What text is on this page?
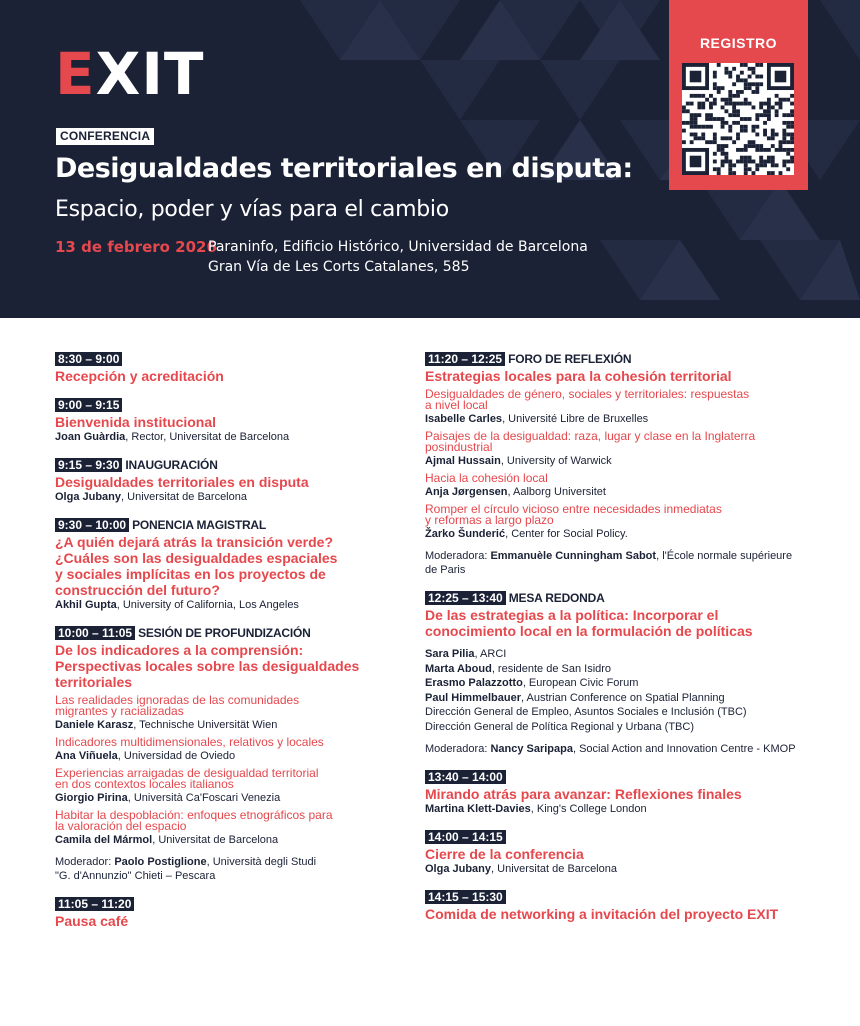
EXIT
CONFERENCIA
Desigualdades territoriales en disputa:
Espacio, poder y vías para el cambio
13 de febrero 2026
Paraninfo, Edificio Histórico, Universidad de Barcelona
Gran Vía de Les Corts Catalanes, 585
REGISTRO
8:30 – 9:00
Recepción y acreditación
9:00 – 9:15
Bienvenida institucional
Joan Guàrdia, Rector, Universitat de Barcelona
9:15 – 9:30 INAUGURACIÓN
Desigualdades territoriales en disputa
Olga Jubany, Universitat de Barcelona
9:30 – 10:00 PONENCIA MAGISTRAL
¿A quién dejará atrás la transición verde?
¿Cuáles son las desigualdades espaciales
y sociales implícitas en los proyectos de
construcción del futuro?
Akhil Gupta, University of California, Los Angeles
10:00 – 11:05 SESIÓN DE PROFUNDIZACIÓN
De los indicadores a la comprensión:
Perspectivas locales sobre las desigualdades
territoriales
Las realidades ignoradas de las comunidades
migrantes y racializadas
Daniele Karasz, Technische Universität Wien
Indicadores multidimensionales, relativos y locales
Ana Viñuela, Universidad de Oviedo
Experiencias arraigadas de desigualdad territorial
en dos contextos locales italianos
Giorgio Pirina, Università Ca'Foscari Venezia
Habitar la despoblación: enfoques etnográficos para
la valoración del espacio
Camila del Mármol, Universitat de Barcelona
Moderador: Paolo Postiglione, Università degli Studi
"G. d'Annunzio" Chieti – Pescara
11:05 – 11:20
Pausa café
11:20 – 12:25 FORO DE REFLEXIÓN
Estrategias locales para la cohesión territorial
Desigualdades de género, sociales y territoriales: respuestas
a nivel local
Isabelle Carles, Université Libre de Bruxelles
Paisajes de la desigualdad: raza, lugar y clase en la Inglaterra
posindustrial
Ajmal Hussain, University of Warwick
Hacia la cohesión local
Anja Jørgensen, Aalborg Universitet
Romper el círculo vicioso entre necesidades inmediatas
y reformas a largo plazo
Žarko Šunderić, Center for Social Policy.
Moderadora: Emmanuèle Cunningham Sabot, l'École normale supérieure
de Paris
12:25 – 13:40 MESA REDONDA
De las estrategias a la política: Incorporar el
conocimiento local en la formulación de políticas
Sara Pilia, ARCI
Marta Aboud, residente de San Isidro
Erasmo Palazzotto, European Civic Forum
Paul Himmelbauer, Austrian Conference on Spatial Planning
Dirección General de Empleo, Asuntos Sociales e Inclusión (TBC)
Dirección General de Política Regional y Urbana (TBC)
Moderadora: Nancy Saripapa, Social Action and Innovation Centre - KMOP
13:40 – 14:00
Mirando atrás para avanzar: Reflexiones finales
Martina Klett-Davies, King's College London
14:00 – 14:15
Cierre de la conferencia
Olga Jubany, Universitat de Barcelona
14:15 – 15:30
Comida de networking a invitación del proyecto EXIT
